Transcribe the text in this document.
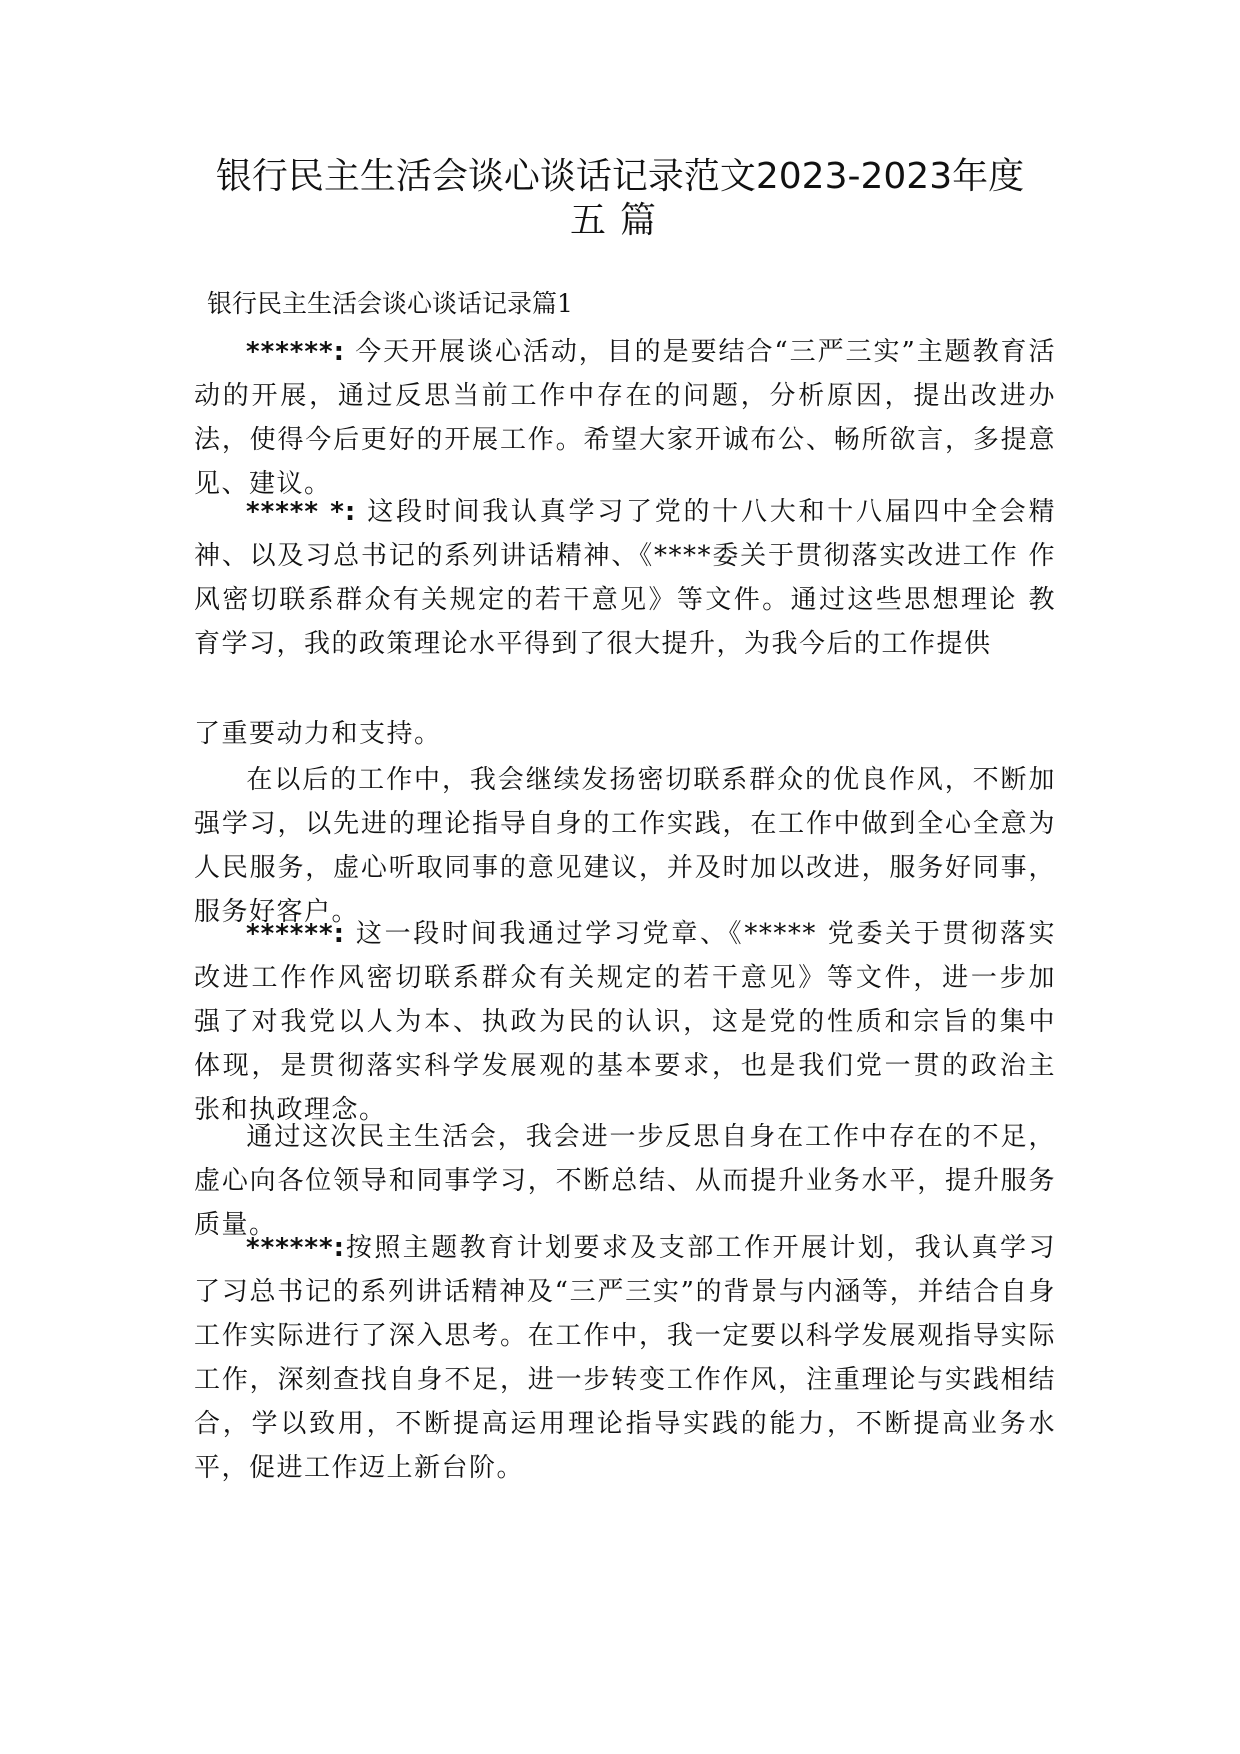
银行民主生活会谈心谈话记录范文2023-2023年度
五篇

银行民主生活会谈心谈话记录篇1

******: 今天开展谈心活动，目的是要结合“三严三实”主题教育活动的开展，通过反思当前工作中存在的问题，分析原因，提出改进办法，使得今后更好的开展工作。希望大家开诚布公、畅所欲言，多提意见、建议。

***** *: 这段时间我认真学习了党的十八大和十八届四中全会精 神、以及习总书记的系列讲话精神、《****委关于贯彻落实改进工作 作风密切联系群众有关规定的若干意见》等文件。通过这些思想理论 教育学习，我的政策理论水平得到了很大提升，为我今后的工作提供

了重要动力和支持。

在以后的工作中，我会继续发扬密切联系群众的优良作风，不断加强学习，以先进的理论指导自身的工作实践，在工作中做到全心全意为人民服务，虚心听取同事的意见建议，并及时加以改进，服务好同事，服务好客户。

******: 这一段时间我通过学习党章、《***** 党委关于贯彻落实 改进工作作风密切联系群众有关规定的若干意见》等文件，进一步加 强了对我党以人为本、执政为民的认识，这是党的性质和宗旨的集中 体现，是贯彻落实科学发展观的基本要求，也是我们党一贯的政治主 张和执政理念。

通过这次民主生活会，我会进一步反思自身在工作中存在的不足，虚心向各位领导和同事学习，不断总结、从而提升业务水平，提升服务质量。

******:按照主题教育计划要求及支部工作开展计划，我认真学习了习总书记的系列讲话精神及“三严三实”的背景与内涵等，并结合自身工作实际进行了深入思考。在工作中，我一定要以科学发展观指导实际工作，深刻查找自身不足，进一步转变工作作风，注重理论与实践相结合，学以致用，不断提高运用理论指导实践的能力，不断提高业务水平，促进工作迈上新台阶。
